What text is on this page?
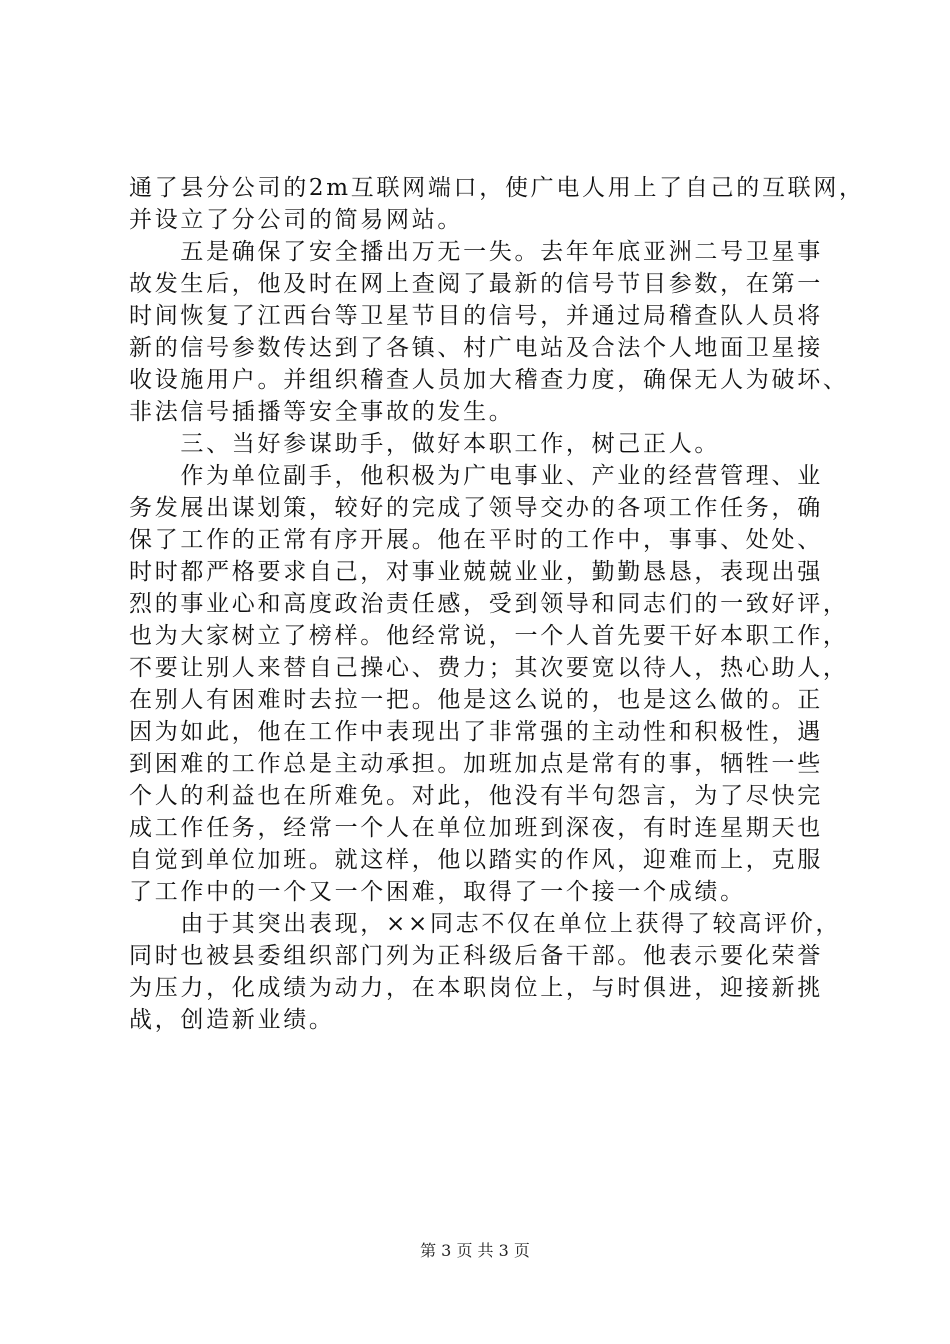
通了县分公司的2m互联网端口，使广电人用上了自己的互联网，
并设立了分公司的简易网站。
　　五是确保了安全播出万无一失。去年年底亚洲二号卫星事
故发生后，他及时在网上查阅了最新的信号节目参数，在第一
时间恢复了江西台等卫星节目的信号，并通过局稽查队人员将
新的信号参数传达到了各镇、村广电站及合法个人地面卫星接
收设施用户。并组织稽查人员加大稽查力度，确保无人为破坏、
非法信号插播等安全事故的发生。
　　三、当好参谋助手，做好本职工作，树己正人。
　　作为单位副手，他积极为广电事业、产业的经营管理、业
务发展出谋划策，较好的完成了领导交办的各项工作任务，确
保了工作的正常有序开展。他在平时的工作中，事事、处处、
时时都严格要求自己，对事业兢兢业业，勤勤恳恳，表现出强
烈的事业心和高度政治责任感，受到领导和同志们的一致好评，
也为大家树立了榜样。他经常说，一个人首先要干好本职工作，
不要让别人来替自己操心、费力；其次要宽以待人，热心助人，
在别人有困难时去拉一把。他是这么说的，也是这么做的。正
因为如此，他在工作中表现出了非常强的主动性和积极性，遇
到困难的工作总是主动承担。加班加点是常有的事，牺牲一些
个人的利益也在所难免。对此，他没有半句怨言，为了尽快完
成工作任务，经常一个人在单位加班到深夜，有时连星期天也
自觉到单位加班。就这样，他以踏实的作风，迎难而上，克服
了工作中的一个又一个困难，取得了一个接一个成绩。
　　由于其突出表现，××同志不仅在单位上获得了较高评价，
同时也被县委组织部门列为正科级后备干部。他表示要化荣誉
为压力，化成绩为动力，在本职岗位上，与时俱进，迎接新挑
战，创造新业绩。
第 3 页 共 3 页
